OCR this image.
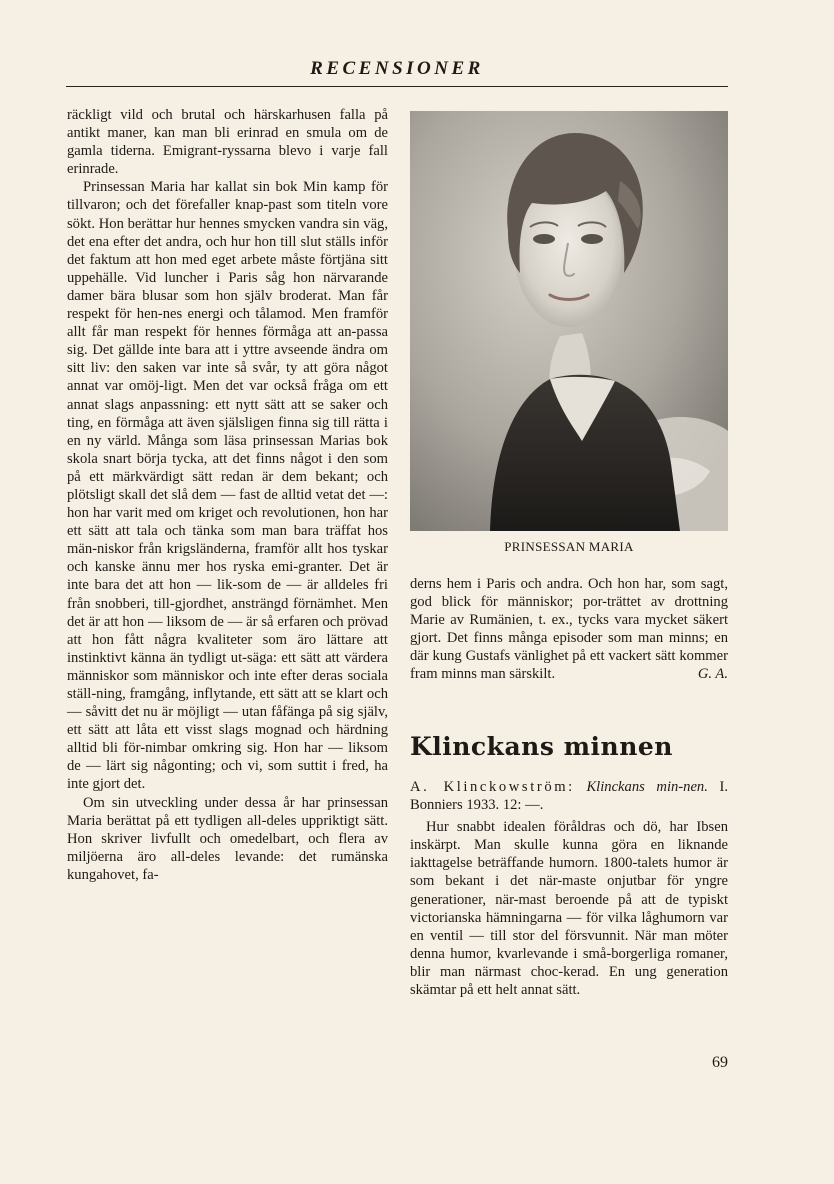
RECENSIONER

räckligt vild och brutal och härskarhusen falla på antikt maner, kan man bli erinrad en smula om de gamla tiderna. Emigrant-ryssarna blevo i varje fall erinrade.

Prinsessan Maria har kallat sin bok Min kamp för tillvaron; och det förefaller knap-past som titeln vore sökt. Hon berättar hur hennes smycken vandra sin väg, det ena efter det andra, och hur hon till slut ställs inför det faktum att hon med eget arbete måste förtjäna sitt uppehälle. Vid luncher i Paris såg hon närvarande damer bära blusar som hon själv broderat. Man får respekt för hen-nes energi och tålamod. Men framför allt får man respekt för hennes förmåga att an-passa sig. Det gällde inte bara att i yttre avseende ändra om sitt liv: den saken var inte så svår, ty att göra något annat var omöj-ligt. Men det var också fråga om ett annat slags anpassning: ett nytt sätt att se saker och ting, en förmåga att även själsligen finna sig till rätta i en ny värld. Många som läsa prinsessan Marias bok skola snart börja tycka, att det finns något i den som på ett märkvärdigt sätt redan är dem bekant; och plötsligt skall det slå dem — fast de alltid vetat det —: hon har varit med om kriget och revolutionen, hon har ett sätt att tala och tänka som man bara träffat hos män-niskor från krigsländerna, framför allt hos tyskar och kanske ännu mer hos ryska emi-granter. Det är inte bara det att hon — lik-som de — är alldeles fri från snobberi, till-gjordhet, ansträngd förnämhet. Men det är att hon — liksom de — är så erfaren och prövad att hon fått några kvaliteter som äro lättare att instinktivt känna än tydligt ut-säga: ett sätt att värdera människor som människor och inte efter deras sociala ställ-ning, framgång, inflytande, ett sätt att se klart och — såvitt det nu är möjligt — utan fåfänga på sig själv, ett sätt att låta ett visst slags mognad och härdning alltid bli för-nimbar omkring sig. Hon har — liksom de — lärt sig någonting; och vi, som suttit i fred, ha inte gjort det.

Om sin utveckling under dessa år har prinsessan Maria berättat på ett tydligen all-deles uppriktigt sätt. Hon skriver livfullt och omedelbart, och flera av miljöerna äro all-deles levande: det rumänska kungahovet, fa-

PRINSESSAN MARIA

derns hem i Paris och andra. Och hon har, som sagt, god blick för människor; por-trättet av drottning Marie av Rumänien, t. ex., tycks vara mycket säkert gjort. Det finns många episoder som man minns; en där kung Gustafs vänlighet på ett vackert sätt kommer fram minns man särskilt.	G. A.

Klinckans minnen

A. Klinckowström: Klinckans min-nen. I. Bonniers 1933. 12: —.

Hur snabbt idealen föråldras och dö, har Ibsen inskärpt. Man skulle kunna göra en liknande iakttagelse beträffande humorn. 1800-talets humor är som bekant i det när-maste onjutbar för yngre generationer, när-mast beroende på att de typiskt victorianska hämningarna — för vilka låghumorn var en ventil — till stor del försvunnit. När man möter denna humor, kvarlevande i små-borgerliga romaner, blir man närmast choc-kerad. En ung generation skämtar på ett helt annat sätt.

69
